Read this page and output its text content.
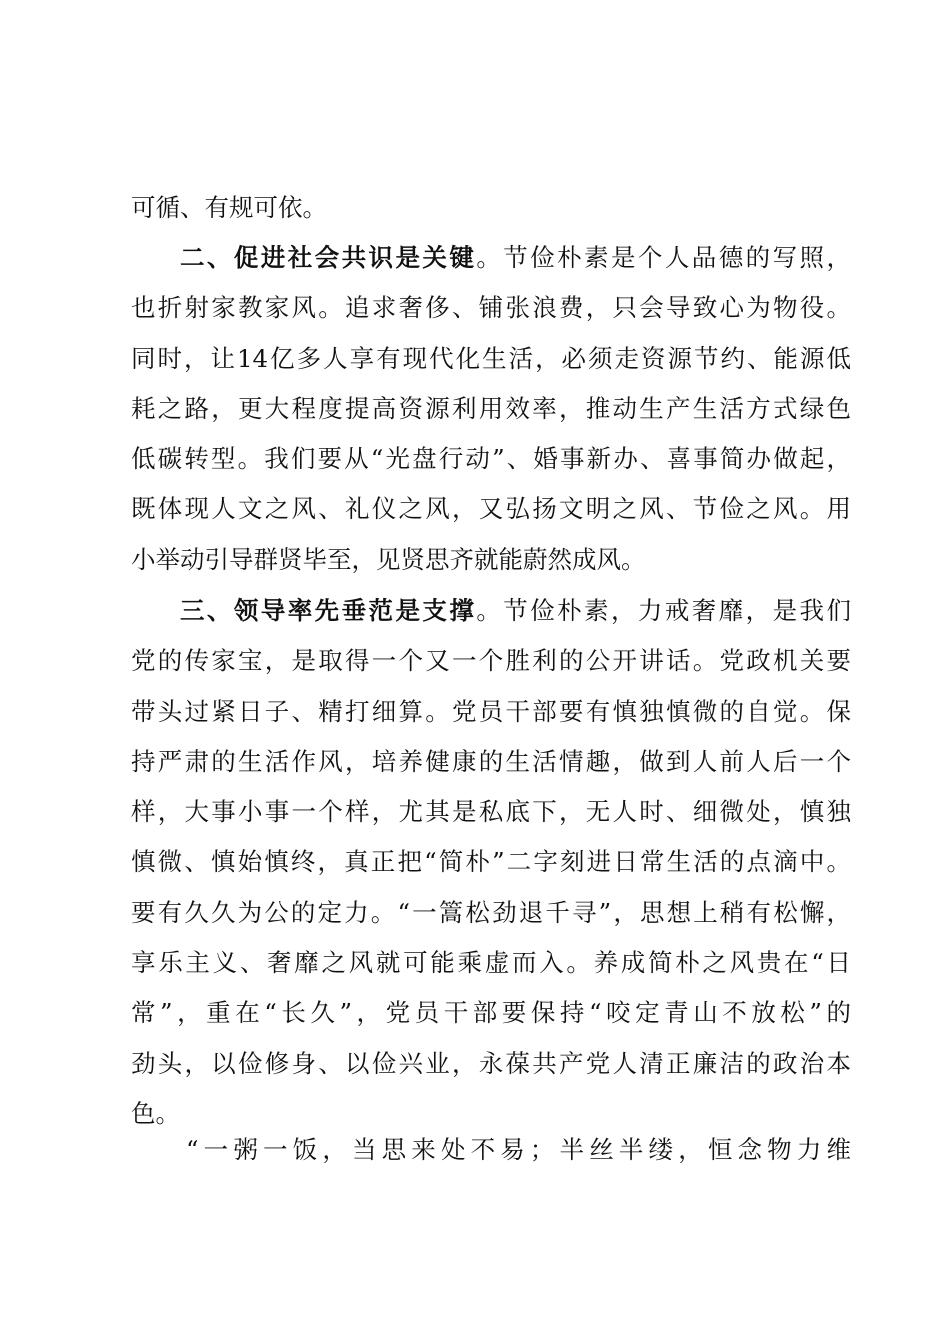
可循、有规可依。
二、促进社会共识是关键。节俭朴素是个人品德的写照，
也折射家教家风。追求奢侈、铺张浪费，只会导致心为物役。
同时，让14亿多人享有现代化生活，必须走资源节约、能源低
耗之路，更大程度提高资源利用效率，推动生产生活方式绿色
低碳转型。我们要从“光盘行动”、婚事新办、喜事简办做起，
既体现人文之风、礼仪之风，又弘扬文明之风、节俭之风。用
小举动引导群贤毕至，见贤思齐就能蔚然成风。
三、领导率先垂范是支撑。节俭朴素，力戒奢靡，是我们
党的传家宝，是取得一个又一个胜利的公开讲话。党政机关要
带头过紧日子、精打细算。党员干部要有慎独慎微的自觉。保
持严肃的生活作风，培养健康的生活情趣，做到人前人后一个
样，大事小事一个样，尤其是私底下，无人时、细微处，慎独
慎微、慎始慎终，真正把“简朴”二字刻进日常生活的点滴中。
要有久久为公的定力。“一篙松劲退千寻”，思想上稍有松懈，
享乐主义、奢靡之风就可能乘虚而入。养成简朴之风贵在“日
常”，重在“长久”，党员干部要保持“咬定青山不放松”的
劲头，以俭修身、以俭兴业，永葆共产党人清正廉洁的政治本
色。
“一粥一饭，当思来处不易；半丝半缕，恒念物力维
